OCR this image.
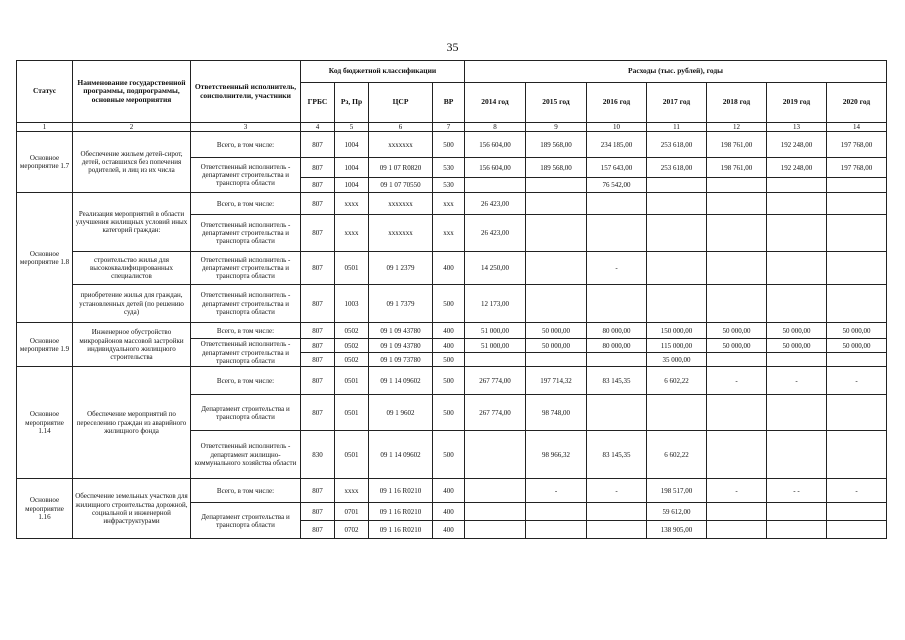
35
Статус	Наименование государственной программы, подпрограммы, основные мероприятия	Ответственный исполнитель, соисполнители, участники	Код бюджетной классификации				Расходы (тыс. рублей), годы						
			ГРБС	Рз, Пр	ЦСР	ВР	2014 год	2015 год	2016 год	2017 год	2018 год	2019 год	2020 год
1	2	3	4	5	6	7	8	9	10	11	12	13	14
Основное мероприятие 1.7	Обеспечение жильем детей-сирот, детей, оставшихся без попечения родителей, и лиц из их числа	Всего, в том числе:	807	1004	ххххххх	500	156 604,00	189 568,00	234 185,00	253 618,00	198 761,00	192 248,00	197 768,00
		Ответственный исполнитель - департамент строительства и транспорта области	807	1004	09 1 07 R0820	530	156 604,00	189 568,00	157 643,00	253 618,00	198 761,00	192 248,00	197 768,00
			807	1004	09 1 07 70550	530			76 542,00				
Основное мероприятие 1.8	Реализация мероприятий в области улучшения жилищных условий иных категорий граждан:	Всего, в том числе:	807	хххх	ххххххх	ххх	26 423,00						
		Ответственный исполнитель - департамент строительства и транспорта области	807	хххх	ххххххх	ххх	26 423,00						
	строительство жилья для высококвалифицированных специалистов	Ответственный исполнитель - департамент строительства и транспорта области	807	0501	09 1 2379	400	14 250,00		-				
	приобретение жилья для граждан, установленных детей (по решению суда)	Ответственный исполнитель - департамент строительства и транспорта области	807	1003	09 1 7379	500	12 173,00						
Основное мероприятие 1.9	Инженерное обустройство микрорайонов массовой застройки индивидуального жилищного строительства	Всего, в том числе:	807	0502	09 1 09 43780	400	51 000,00	50 000,00	80 000,00	150 000,00	50 000,00	50 000,00	50 000,00
		Ответственный исполнитель - департамент строительства и транспорта области	807	0502	09 1 09 43780	400	51 000,00	50 000,00	80 000,00	115 000,00	50 000,00	50 000,00	50 000,00
			807	0502	09 1 09 73780	500				35 000,00			
Основное мероприятие 1.14	Обеспечение мероприятий по переселению граждан из аварийного жилищного фонда	Всего, в том числе:	807	0501	09 1 14 09602	500	267 774,00	197 714,32	83 145,35	6 602,22	-	-	-
		Департамент строительства и транспорта области	807	0501	09 1 9602	500	267 774,00	98 748,00					
		Ответственный исполнитель - департамент жилищно-коммунального хозяйства области	830	0501	09 1 14 09602	500		98 966,32	83 145,35	6 602,22			
Основное мероприятие 1.16	Обеспечение земельных участков для жилищного строительства дорожной, социальной и инженерной инфраструктурами	Всего, в том числе:	807	хххх	09 1 16 R0210	400		-	-	198 517,00	-	- -	-
		Департамент строительства и транспорта области	807	0701	09 1 16 R0210	400				59 612,00			
			807	0702	09 1 16 R0210	400				138 905,00			
